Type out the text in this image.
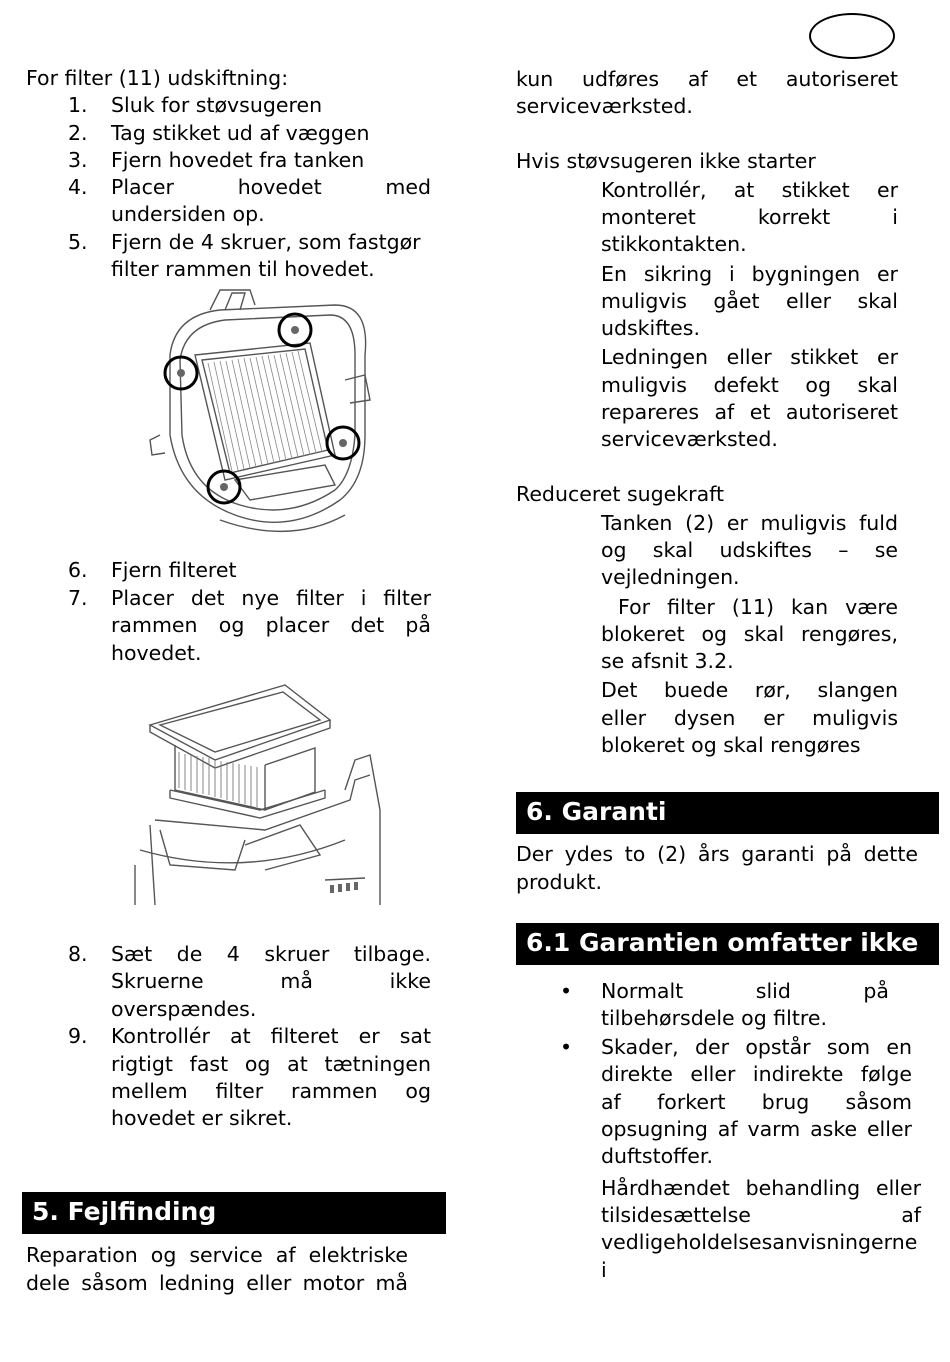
For filter (11) udskiftning:
1. Sluk for støvsugeren
2. Tag stikket ud af væggen
3. Fjern hovedet fra tanken
4. Placer hovedet med
undersiden op.
5. Fjern de 4 skruer, som fastgør
filter rammen til hovedet.
6. Fjern filteret
7. Placer det nye filter i filter
rammen og placer det på
hovedet.
8. Sæt de 4 skruer tilbage.
Skruerne må ikke
overspændes.
9. Kontrollér at filteret er sat
rigtigt fast og at tætningen
mellem filter rammen og
hovedet er sikret.
5. Fejlfinding
Reparation og service af elektriske
dele såsom ledning eller motor må
kun udføres af et autoriseret
serviceværksted.
Hvis støvsugeren ikke starter
Kontrollér, at stikket er
monteret korrekt i
stikkontakten.
En sikring i bygningen er
muligvis gået eller skal
udskiftes.
Ledningen eller stikket er
muligvis defekt og skal
repareres af et autoriseret
serviceværksted.
Reduceret sugekraft
Tanken (2) er muligvis fuld
og skal udskiftes – se
vejledningen.
For filter (11) kan være
blokeret og skal rengøres,
se afsnit 3.2.
Det buede rør, slangen
eller dysen er muligvis
blokeret og skal rengøres
6. Garanti
Der ydes to (2) års garanti på dette
produkt.
6.1 Garantien omfatter ikke
• Normalt slid på
tilbehørsdele og filtre.
• Skader, der opstår som en
direkte eller indirekte følge
af forkert brug såsom
opsugning af varm aske eller
duftstoffer.
Hårdhændet behandling eller
tilsidesættelse af
vedligeholdelsesanvisningerne
i
